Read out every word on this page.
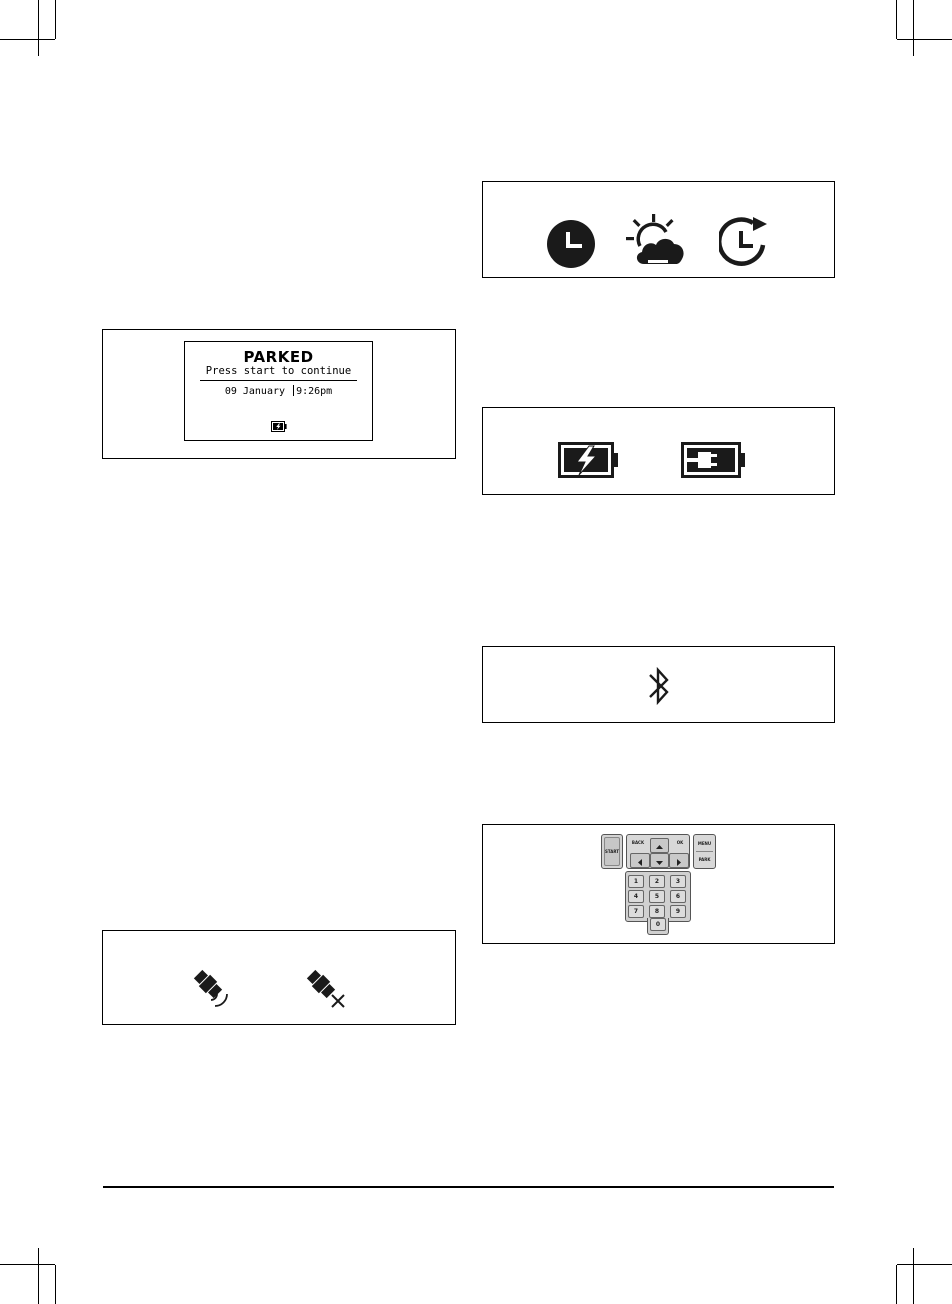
PARKED
Press start to continue
09 January 9:26pm
START
BACK	OK	MENU
PARK
1	2	3
4	5	6
7	8	9
0
